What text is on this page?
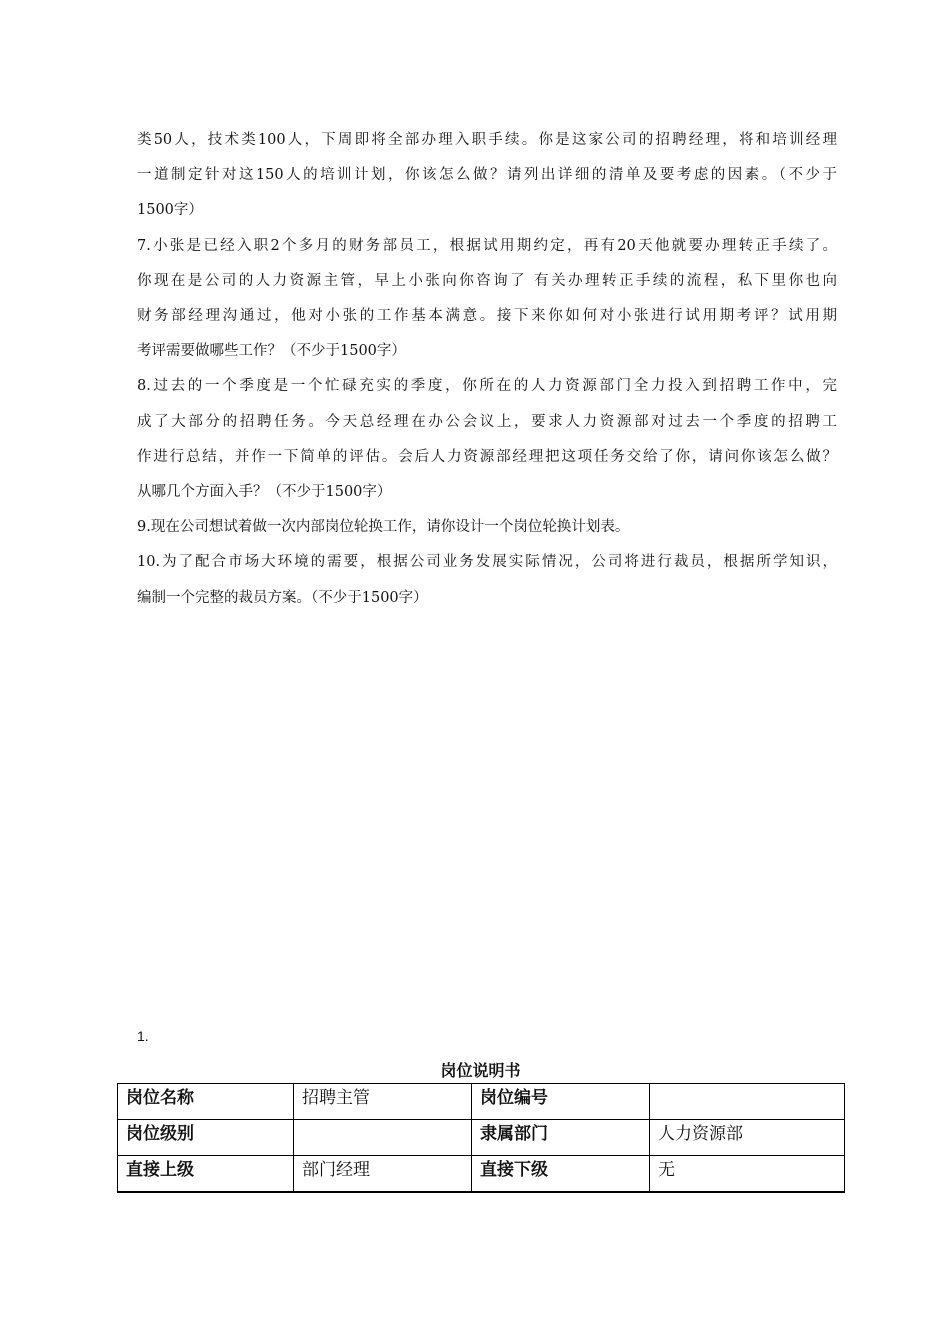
类50人，技术类100人，下周即将全部办理入职手续。你是这家公司的招聘经理，将和培训经理
一道制定针对这150人的培训计划，你该怎么做？请列出详细的清单及要考虑的因素。（不少于
1500字）
7.小张是已经入职2个多月的财务部员工，根据试用期约定，再有20天他就要办理转正手续了。
你现在是公司的人力资源主管，早上小张向你咨询了 有关办理转正手续的流程，私下里你也向
财务部经理沟通过，他对小张的工作基本满意。接下来你如何对小张进行试用期考评？试用期
考评需要做哪些工作？（不少于1500字）
8.过去的一个季度是一个忙碌充实的季度，你所在的人力资源部门全力投入到招聘工作中，完
成了大部分的招聘任务。今天总经理在办公会议上，要求人力资源部对过去一个季度的招聘工
作进行总结，并作一下简单的评估。会后人力资源部经理把这项任务交给了你，请问你该怎么做？
从哪几个方面入手？（不少于1500字）
9.现在公司想试着做一次内部岗位轮换工作，请你设计一个岗位轮换计划表。
10.为了配合市场大环境的需要，根据公司业务发展实际情况，公司将进行裁员，根据所学知识，
编制一个完整的裁员方案。（不少于1500字）
1.
岗位说明书
岗位名称	招聘主管	岗位编号	
岗位级别		隶属部门	人力资源部
直接上级	部门经理	直接下级	无
